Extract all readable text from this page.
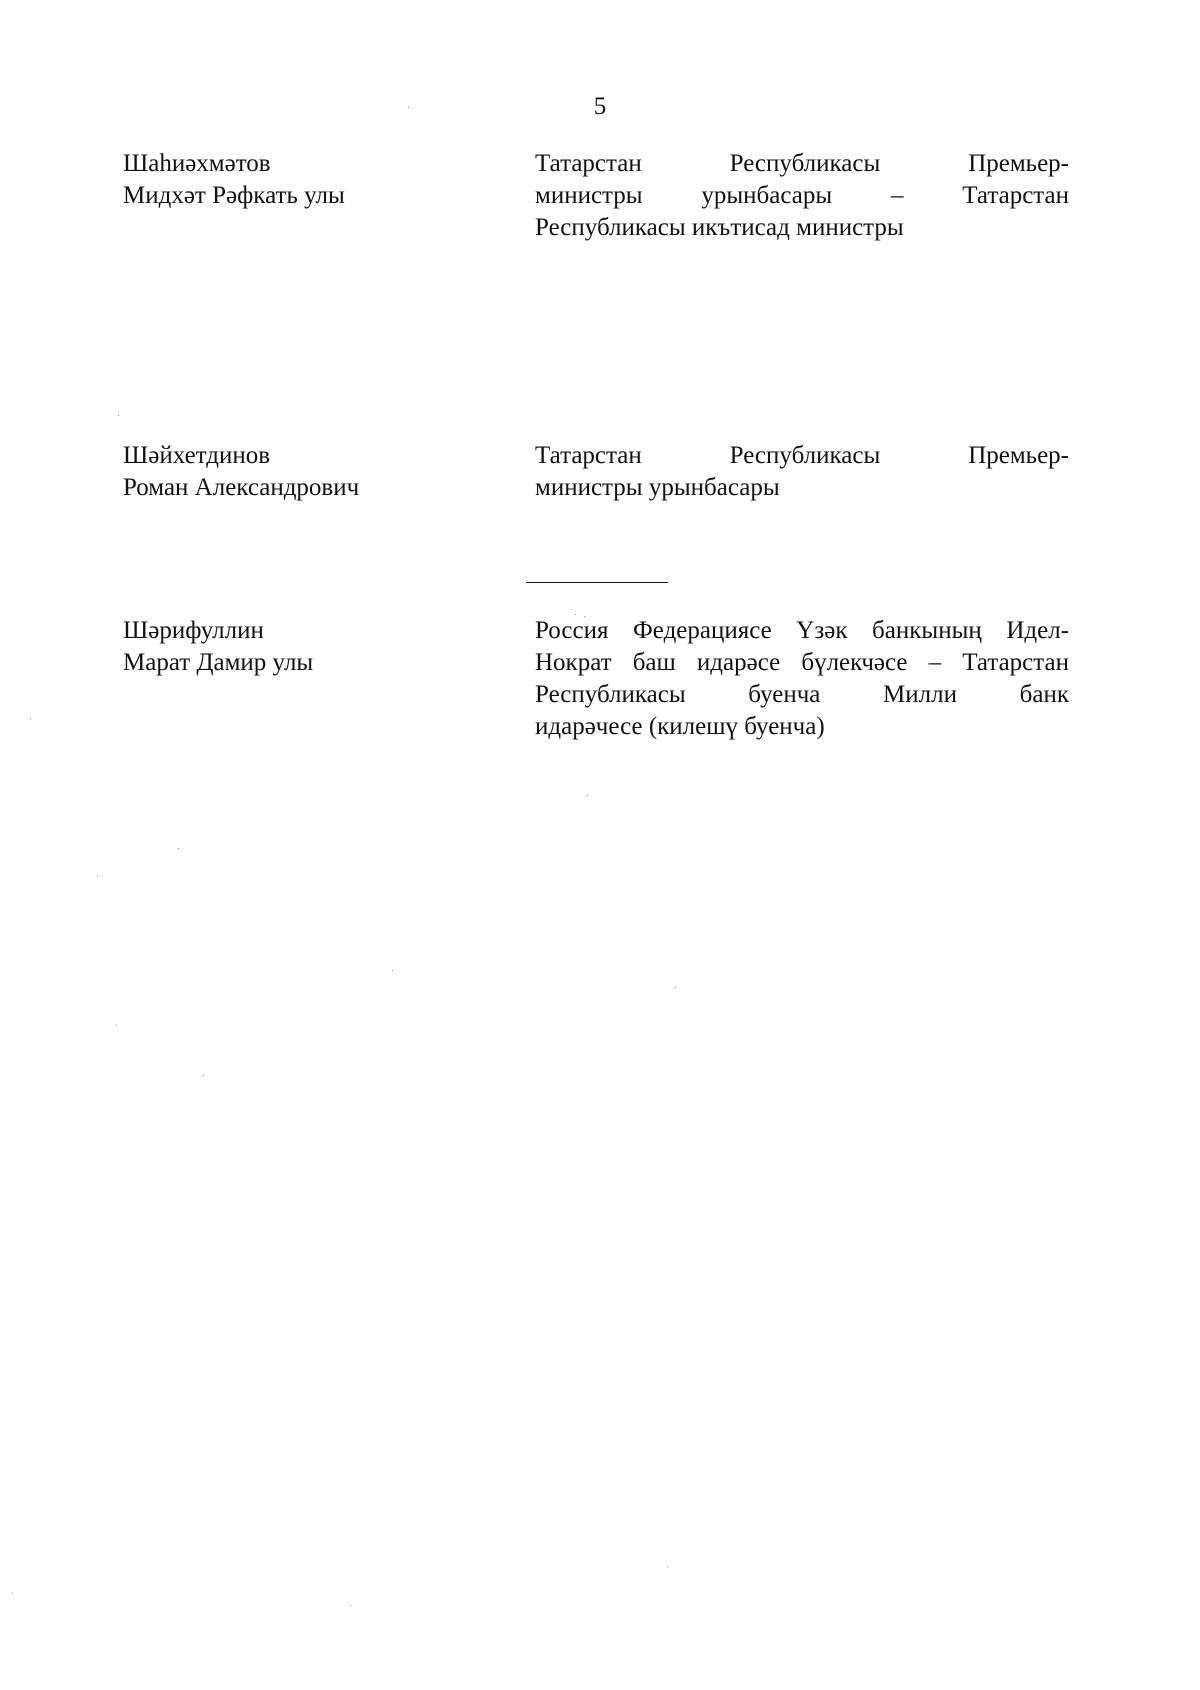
5
Шаһиәхмәтов
Мидхәт Рәфкать улы
Татарстан Республикасы Премьер-
министры урынбасары – Татарстан
Республикасы икътисад министры
Шәйхетдинов
Роман Александрович
Татарстан Республикасы Премьер-
министры урынбасары
Шәрифуллин
Марат Дамир улы
Россия Федерациясе Үзәк банкының Идел-
Нократ баш идарәсе бүлекчәсе – Татарстан
Республикасы буенча Милли банк
идарәчесе (килешү буенча)
